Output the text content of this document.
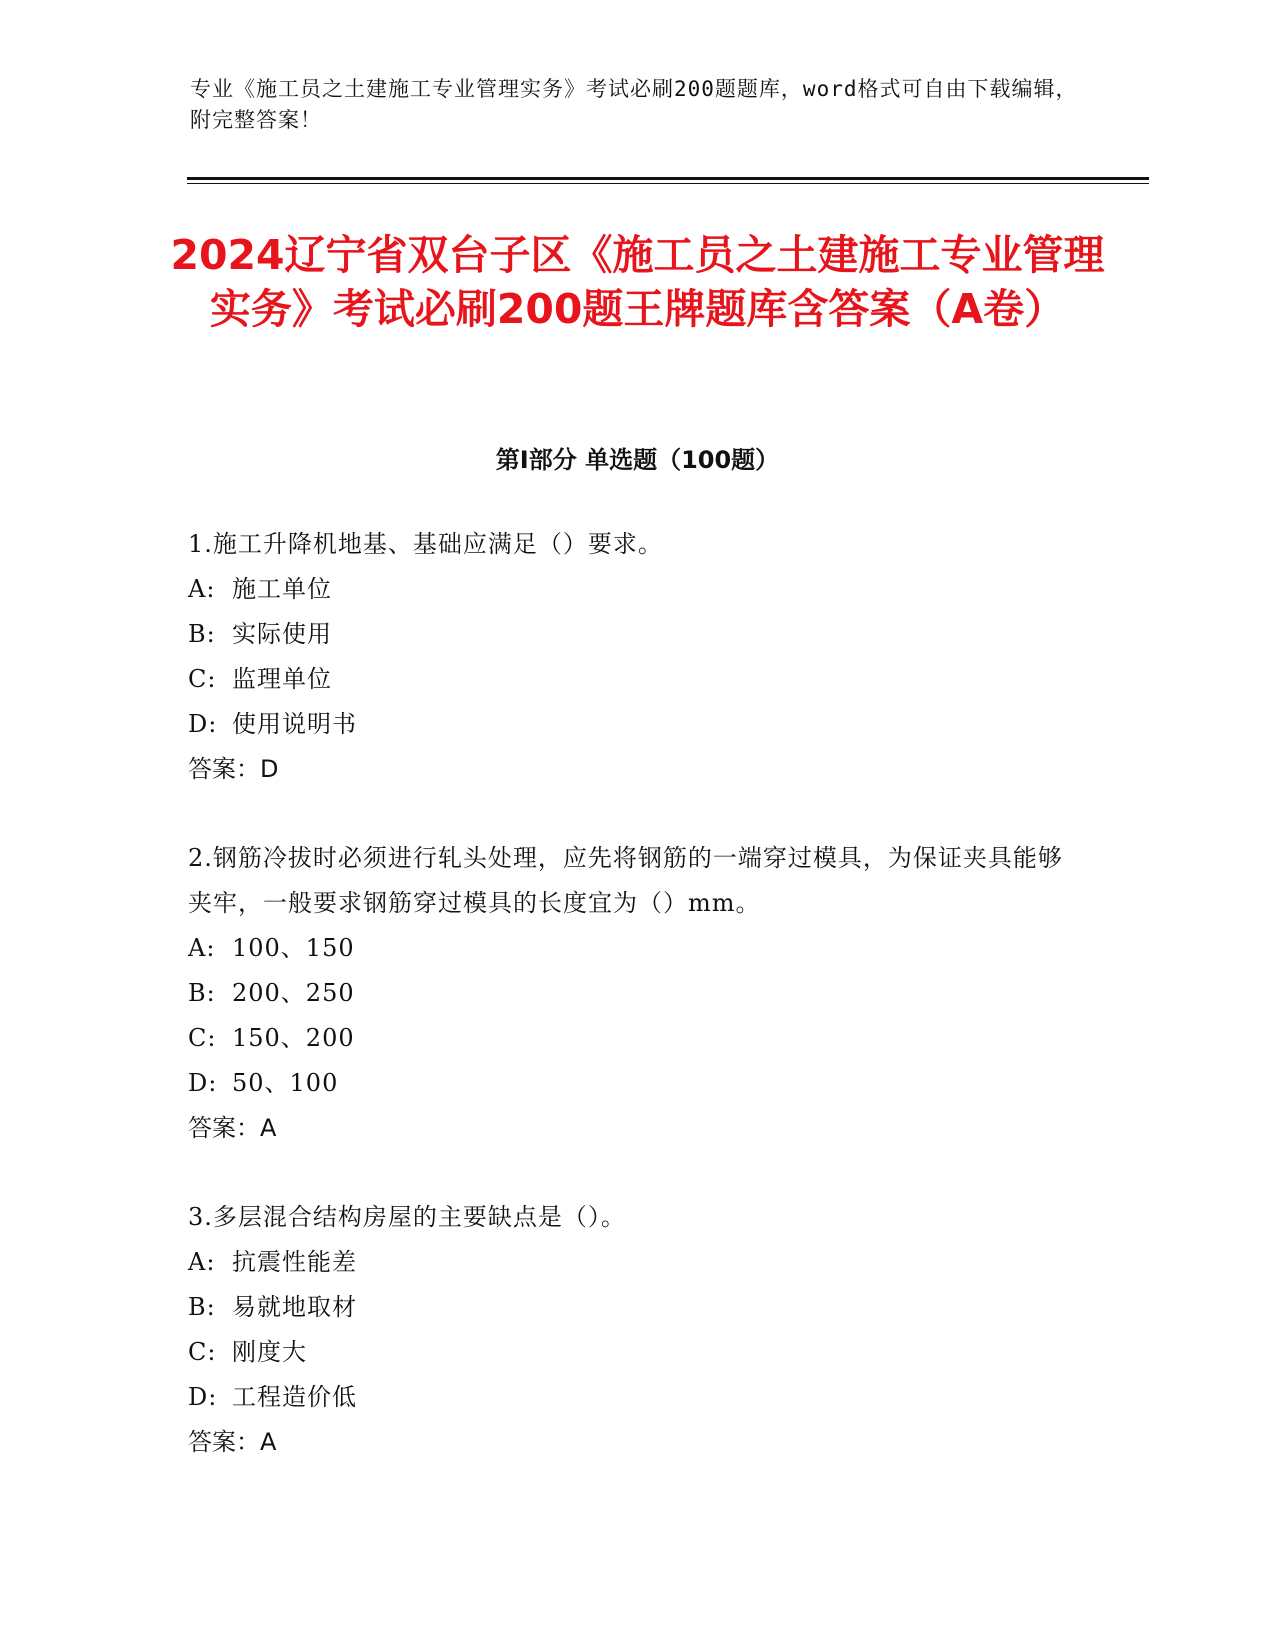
专业《施工员之土建施工专业管理实务》考试必刷200题题库，word格式可自由下载编辑，附完整答案！
2024辽宁省双台子区《施工员之土建施工专业管理实务》考试必刷200题王牌题库含答案（A卷）
第Ⅰ部分 单选题（100题）
1.施工升降机地基、基础应满足（）要求。
A: 施工单位
B: 实际使用
C: 监理单位
D: 使用说明书
答案：D
2.钢筋冷拔时必须进行轧头处理，应先将钢筋的一端穿过模具，为保证夹具能够夹牢，一般要求钢筋穿过模具的长度宜为（）mm。
A: 100、150
B: 200、250
C: 150、200
D: 50、100
答案：A
3.多层混合结构房屋的主要缺点是（）。
A: 抗震性能差
B: 易就地取材
C: 刚度大
D: 工程造价低
答案：A
